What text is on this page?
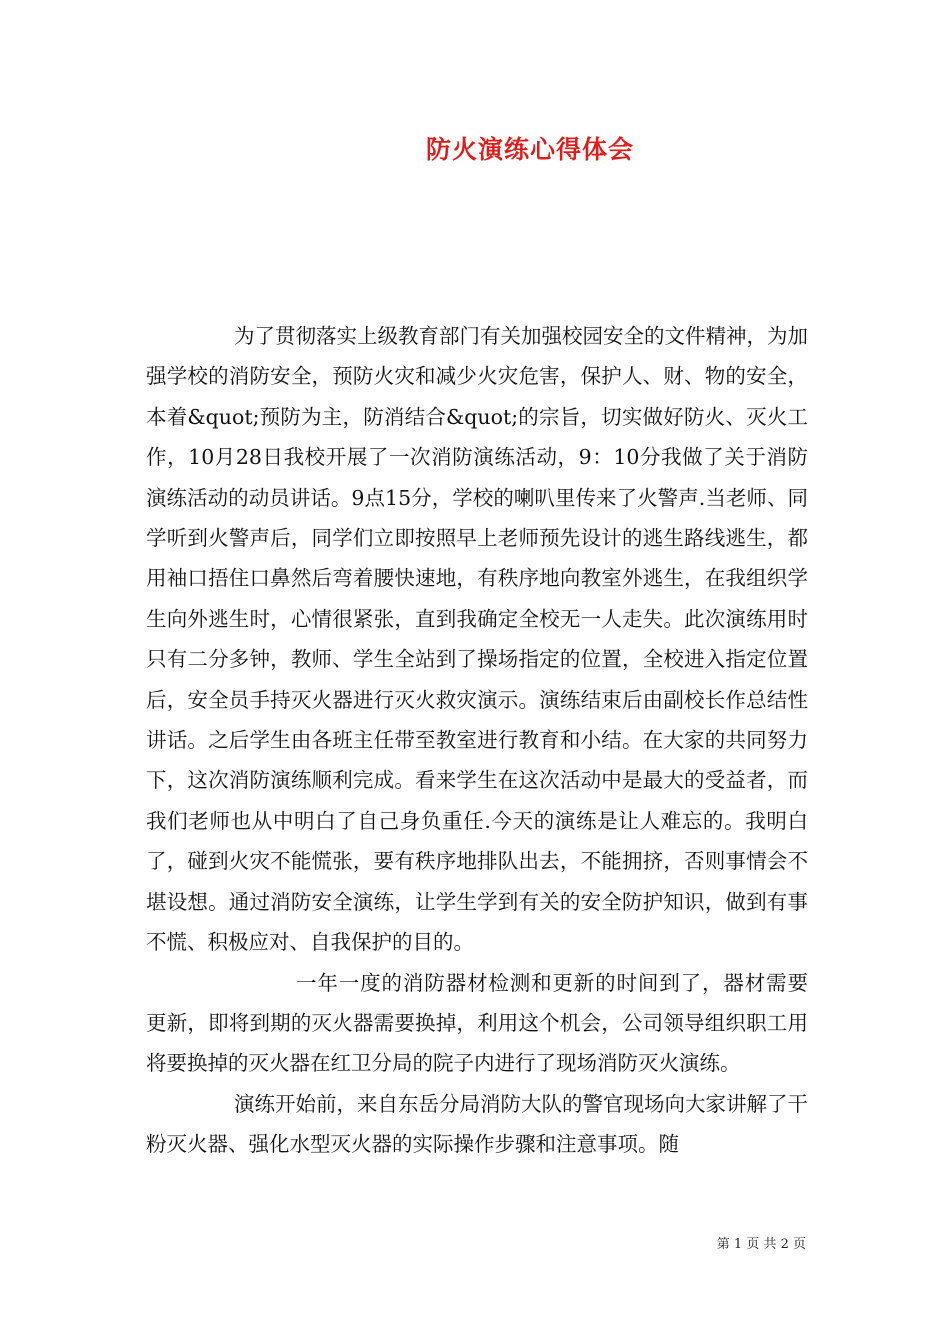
防火演练心得体会

为了贯彻落实上级教育部门有关加强校园安全的文件精神，为加强学校的消防安全，预防火灾和减少火灾危害，保护人、财、物的安全，本着&quot;预防为主，防消结合&quot;的宗旨，切实做好防火、灭火工作，10月28日我校开展了一次消防演练活动，9：10分我做了关于消防演练活动的动员讲话。9点15分，学校的喇叭里传来了火警声.当老师、同学听到火警声后，同学们立即按照早上老师预先设计的逃生路线逃生，都用袖口捂住口鼻然后弯着腰快速地，有秩序地向教室外逃生，在我组织学生向外逃生时，心情很紧张，直到我确定全校无一人走失。此次演练用时只有二分多钟，教师、学生全站到了操场指定的位置，全校进入指定位置后，安全员手持灭火器进行灭火救灾演示。演练结束后由副校长作总结性讲话。之后学生由各班主任带至教室进行教育和小结。在大家的共同努力下，这次消防演练顺利完成。看来学生在这次活动中是最大的受益者，而我们老师也从中明白了自己身负重任.今天的演练是让人难忘的。我明白了，碰到火灾不能慌张，要有秩序地排队出去，不能拥挤，否则事情会不堪设想。通过消防安全演练，让学生学到有关的安全防护知识，做到有事不慌、积极应对、自我保护的目的。

一年一度的消防器材检测和更新的时间到了，器材需要更新，即将到期的灭火器需要换掉，利用这个机会，公司领导组织职工用将要换掉的灭火器在红卫分局的院子内进行了现场消防灭火演练。

演练开始前，来自东岳分局消防大队的警官现场向大家讲解了干粉灭火器、强化水型灭火器的实际操作步骤和注意事项。随

第 1 页 共 2 页
